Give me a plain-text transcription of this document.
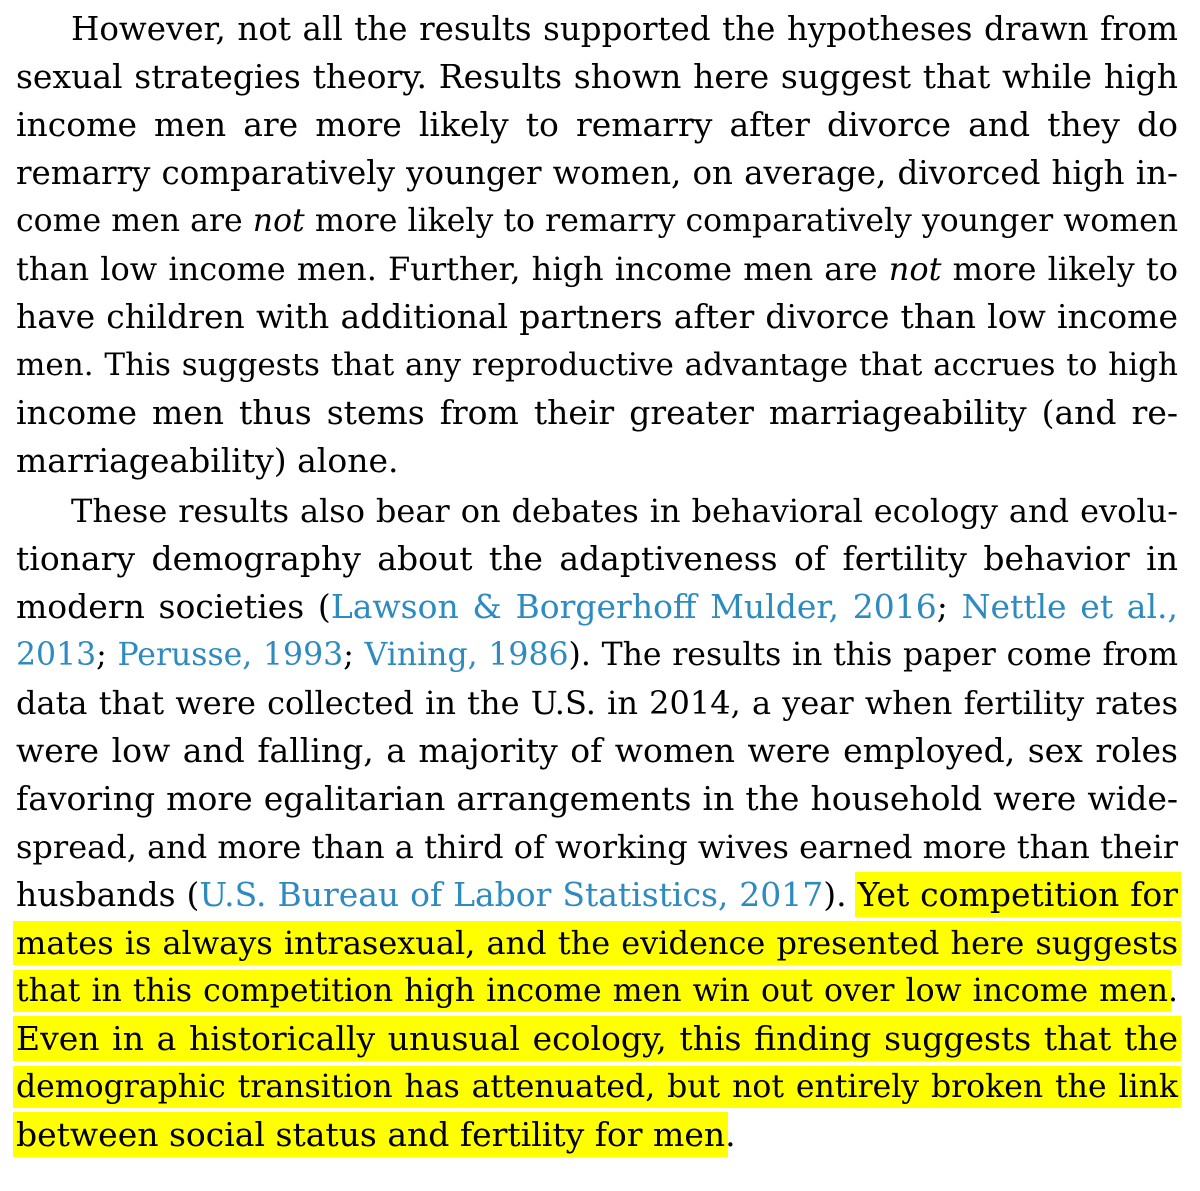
However, not all the results supported the hypotheses drawn from
sexual strategies theory. Results shown here suggest that while high
income men are more likely to remarry after divorce and they do
remarry comparatively younger women, on average, divorced high in-
come men are not more likely to remarry comparatively younger women
than low income men. Further, high income men are not more likely to
have children with additional partners after divorce than low income
men. This suggests that any reproductive advantage that accrues to high
income men thus stems from their greater marriageability (and re-
marriageability) alone.
These results also bear on debates in behavioral ecology and evolu-
tionary demography about the adaptiveness of fertility behavior in
modern societies (Lawson & Borgerhoff Mulder, 2016; Nettle et al.,
2013; Perusse, 1993; Vining, 1986). The results in this paper come from
data that were collected in the U.S. in 2014, a year when fertility rates
were low and falling, a majority of women were employed, sex roles
favoring more egalitarian arrangements in the household were wide-
spread, and more than a third of working wives earned more than their
husbands (U.S. Bureau of Labor Statistics, 2017). Yet competition for
mates is always intrasexual, and the evidence presented here suggests
that in this competition high income men win out over low income men.
Even in a historically unusual ecology, this finding suggests that the
demographic transition has attenuated, but not entirely broken the link
between social status and fertility for men.
